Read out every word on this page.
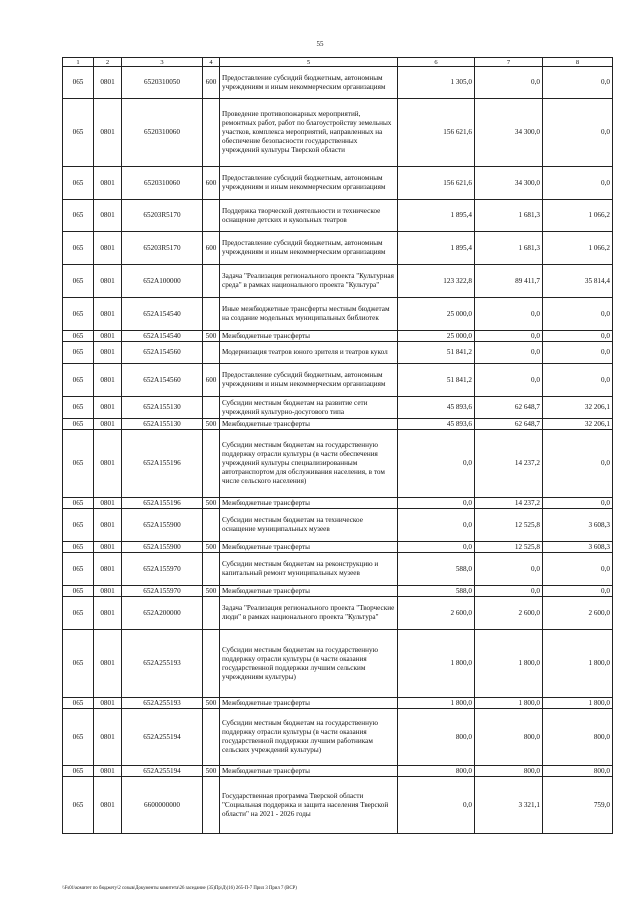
55
1	2	3	4	5	6	7	8
065	0801	6520310050	600	Предоставление субсидий бюджетным, автономным учреждениям и иным некоммерческим организациям	1 305,0	0,0	0,0
065	0801	6520310060		Проведение противопожарных мероприятий, ремонтных работ, работ по благоустройству земельных участков, комплекса мероприятий, направленных на обеспечение безопасности государственных учреждений культуры Тверской области	156 621,6	34 300,0	0,0
065	0801	6520310060	600	Предоставление субсидий бюджетным, автономным учреждениям и иным некоммерческим организациям	156 621,6	34 300,0	0,0
065	0801	65203R5170		Поддержка творческой деятельности и техническое оснащение детских и кукольных театров	1 895,4	1 681,3	1 066,2
065	0801	65203R5170	600	Предоставление субсидий бюджетным, автономным учреждениям и иным некоммерческим организациям	1 895,4	1 681,3	1 066,2
065	0801	652A100000		Задача "Реализация регионального проекта "Культурная среда" в рамках национального проекта "Культура"	123 322,8	89 411,7	35 814,4
065	0801	652A154540		Иные межбюджетные трансферты местным бюджетам на создание модельных муниципальных библиотек	25 000,0	0,0	0,0
065	0801	652A154540	500	Межбюджетные трансферты	25 000,0	0,0	0,0
065	0801	652A154560		Модернизация театров юного зрителя и театров кукол	51 841,2	0,0	0,0
065	0801	652A154560	600	Предоставление субсидий бюджетным, автономным учреждениям и иным некоммерческим организациям	51 841,2	0,0	0,0
065	0801	652A155130		Субсидии местным бюджетам на развитие сети учреждений культурно-досугового типа	45 893,6	62 648,7	32 206,1
065	0801	652A155130	500	Межбюджетные трансферты	45 893,6	62 648,7	32 206,1
065	0801	652A155196		Субсидии местным бюджетам на государственную поддержку отрасли культуры (в части обеспечения учреждений культуры специализированным автотранспортом для обслуживания населения, в том числе сельского населения)	0,0	14 237,2	0,0
065	0801	652A155196	500	Межбюджетные трансферты	0,0	14 237,2	0,0
065	0801	652A155900		Субсидии местным бюджетам на техническое оснащение муниципальных музеев	0,0	12 525,8	3 608,3
065	0801	652A155900	500	Межбюджетные трансферты	0,0	12 525,8	3 608,3
065	0801	652A155970		Субсидии местным бюджетам на реконструкцию и капитальный ремонт муниципальных музеев	588,0	0,0	0,0
065	0801	652A155970	500	Межбюджетные трансферты	588,0	0,0	0,0
065	0801	652A200000		Задача "Реализация регионального проекта "Творческие люди" в рамках национального проекта "Культура"	2 600,0	2 600,0	2 600,0
065	0801	652A255193		Субсидии местным бюджетам на государственную поддержку отрасли культуры (в части оказания государственной поддержки лучшим сельским учреждениям культуры)	1 800,0	1 800,0	1 800,0
065	0801	652A255193	500	Межбюджетные трансферты	1 800,0	1 800,0	1 800,0
065	0801	652A255194		Субсидии местным бюджетам на государственную поддержку отрасли культуры (в части оказания государственной поддержки лучшим работникам сельских учреждений культуры)	800,0	800,0	800,0
065	0801	652A255194	500	Межбюджетные трансферты	800,0	800,0	800,0
065	0801	6600000000		Государственная программа Тверской области "Социальная поддержка и защита населения Тверской области" на 2021 - 2026 годы	0,0	3 321,1	759,0
\\Fs01\комитет по бюджету\2 созыв\Документы комитета\26 заседание (35)Пр\Д\(16) 265-П-7 Прил 3 Прил 7 (ВСР)
